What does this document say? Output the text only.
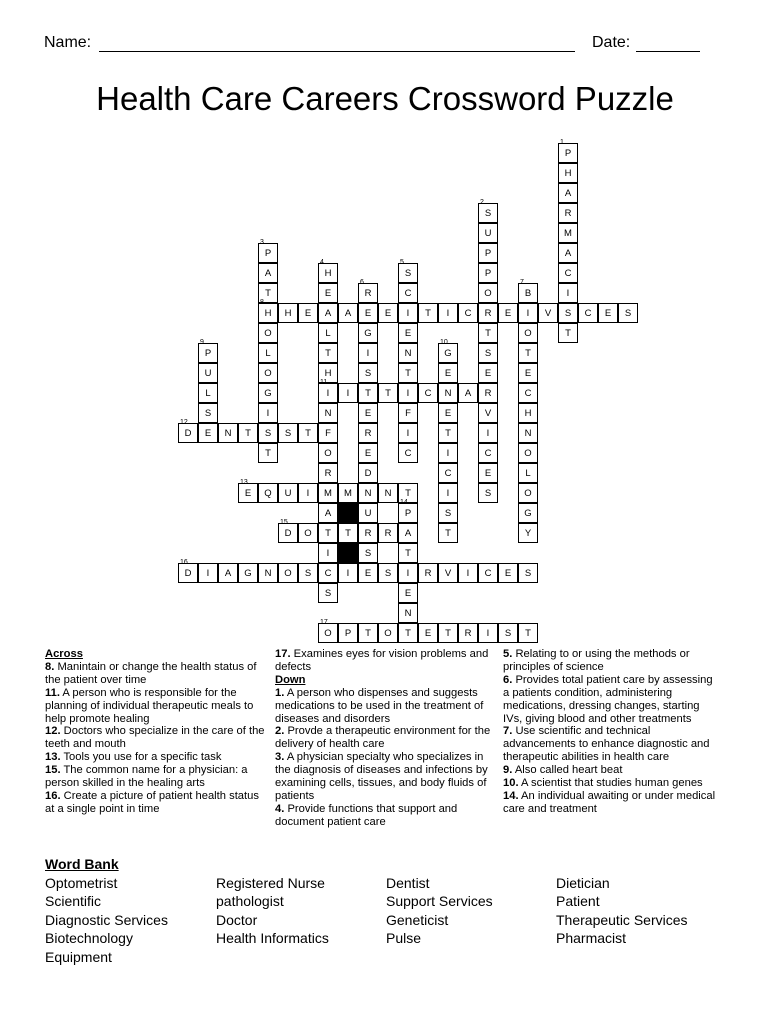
Name:	Date:
Health Care Careers Crossword Puzzle
P
1
H
A
R
M
A
C
I
S
T
S
2
U
P
P
O
R
T
S
E
R
V
I
C
E
S
P
3
A
T
H
8
O
L
O
G
I
S
T
H
4
E
A
L
T
H
I
11
N
F
O
R
M
A
T
I
C
S
S
5
C
I
E
N
T
I
F
I
C
R
6
E
G
I
S
T
E
R
E
D
N
U
R
S
E
B
7
I
O
T
E
C
H
N
O
L
O
G
Y
H	E	A	E	T	I	C	E	V	C	E	S
P
9
U
L
S
E
G
10
E
N
E
T
I
C
I
S
T
I	T	C	A
D
12
N	T	S	T
E
13
Q	U	I	M	N	T
P
14
A
T
I
E
N
T
D
15
O	T	R
D
16
I	A	G	N	O	S	I	S	R	V	I	C	E	S
O
17
P	T	O	E	T	R	I	S	T
Across
8. Manintain or change the health status of the patient over time
11. A person who is responsible for the planning of individual therapeutic meals to help promote healing
12. Doctors who specialize in the care of the teeth and mouth
13. Tools you use for a specific task
15. The common name for a physician: a person skilled in the healing arts
16. Create a picture of patient health status at a single point in time
17. Examines eyes for vision problems and defects
Down
1. A person who dispenses and suggests medications to be used in the treatment of diseases and disorders
2. Provde a therapeutic environment for the delivery of health care
3. A physician specialty who specializes in the diagnosis of diseases and infections by examining cells, tissues, and body fluids of patients
4. Provide functions that support and document patient care
5. Relating to or using the methods or principles of science
6. Provides total patient care by assessing a patients condition, administering medications, dressing changes, starting IVs, giving blood and other treatments
7. Use scientific and technical advancements to enhance diagnostic and therapeutic abilities in health care
9. Also called heart beat
10. A scientist that studies human genes
14. An individual awaiting or under medical care and treatment
Word Bank
Optometrist
Scientific
Diagnostic Services
Biotechnology
Equipment
Registered Nurse
pathologist
Doctor
Health Informatics
Dentist
Support Services
Geneticist
Pulse
Dietician
Patient
Therapeutic Services
Pharmacist
